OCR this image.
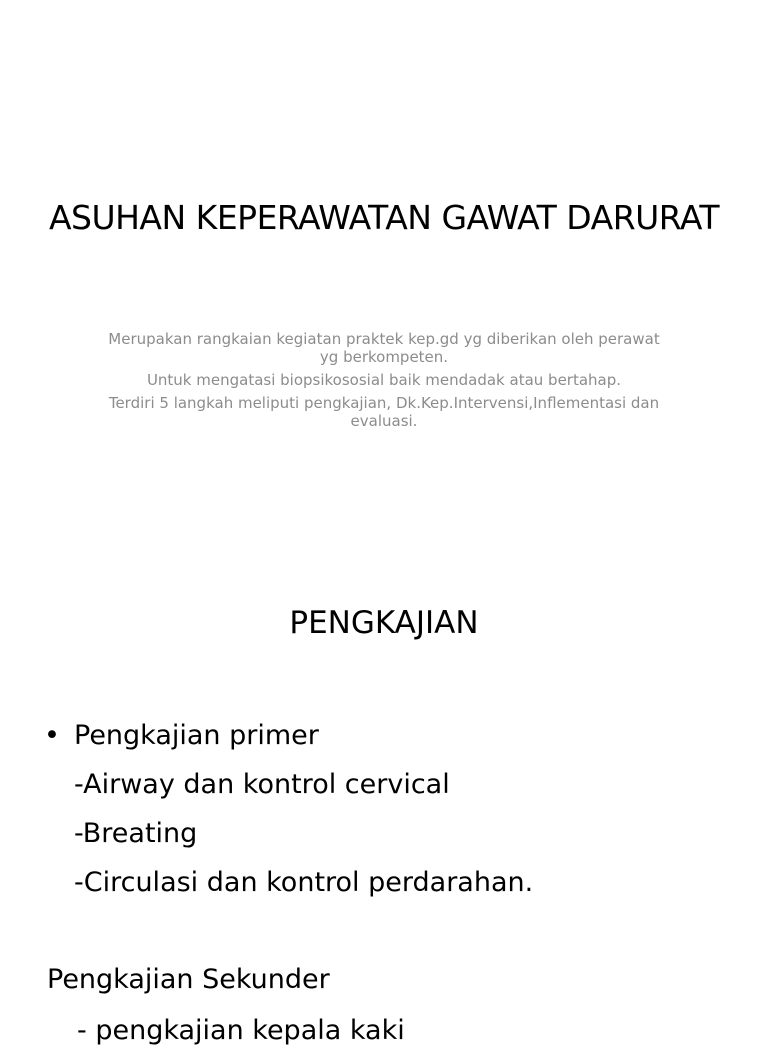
ASUHAN KEPERAWATAN GAWAT DARURAT

Merupakan rangkaian kegiatan praktek kep.gd yg diberikan oleh perawat yg berkompeten.

Untuk mengatasi biopsikososial baik mendadak atau bertahap.

Terdiri 5 langkah meliputi pengkajian, Dk.Kep.Intervensi,Inflementasi dan evaluasi.

PENGKAJIAN
• Pengkajian primer
-Airway dan kontrol cervical
-Breating
-Circulasi dan kontrol perdarahan.

Pengkajian Sekunder

- pengkajian kepala kaki
